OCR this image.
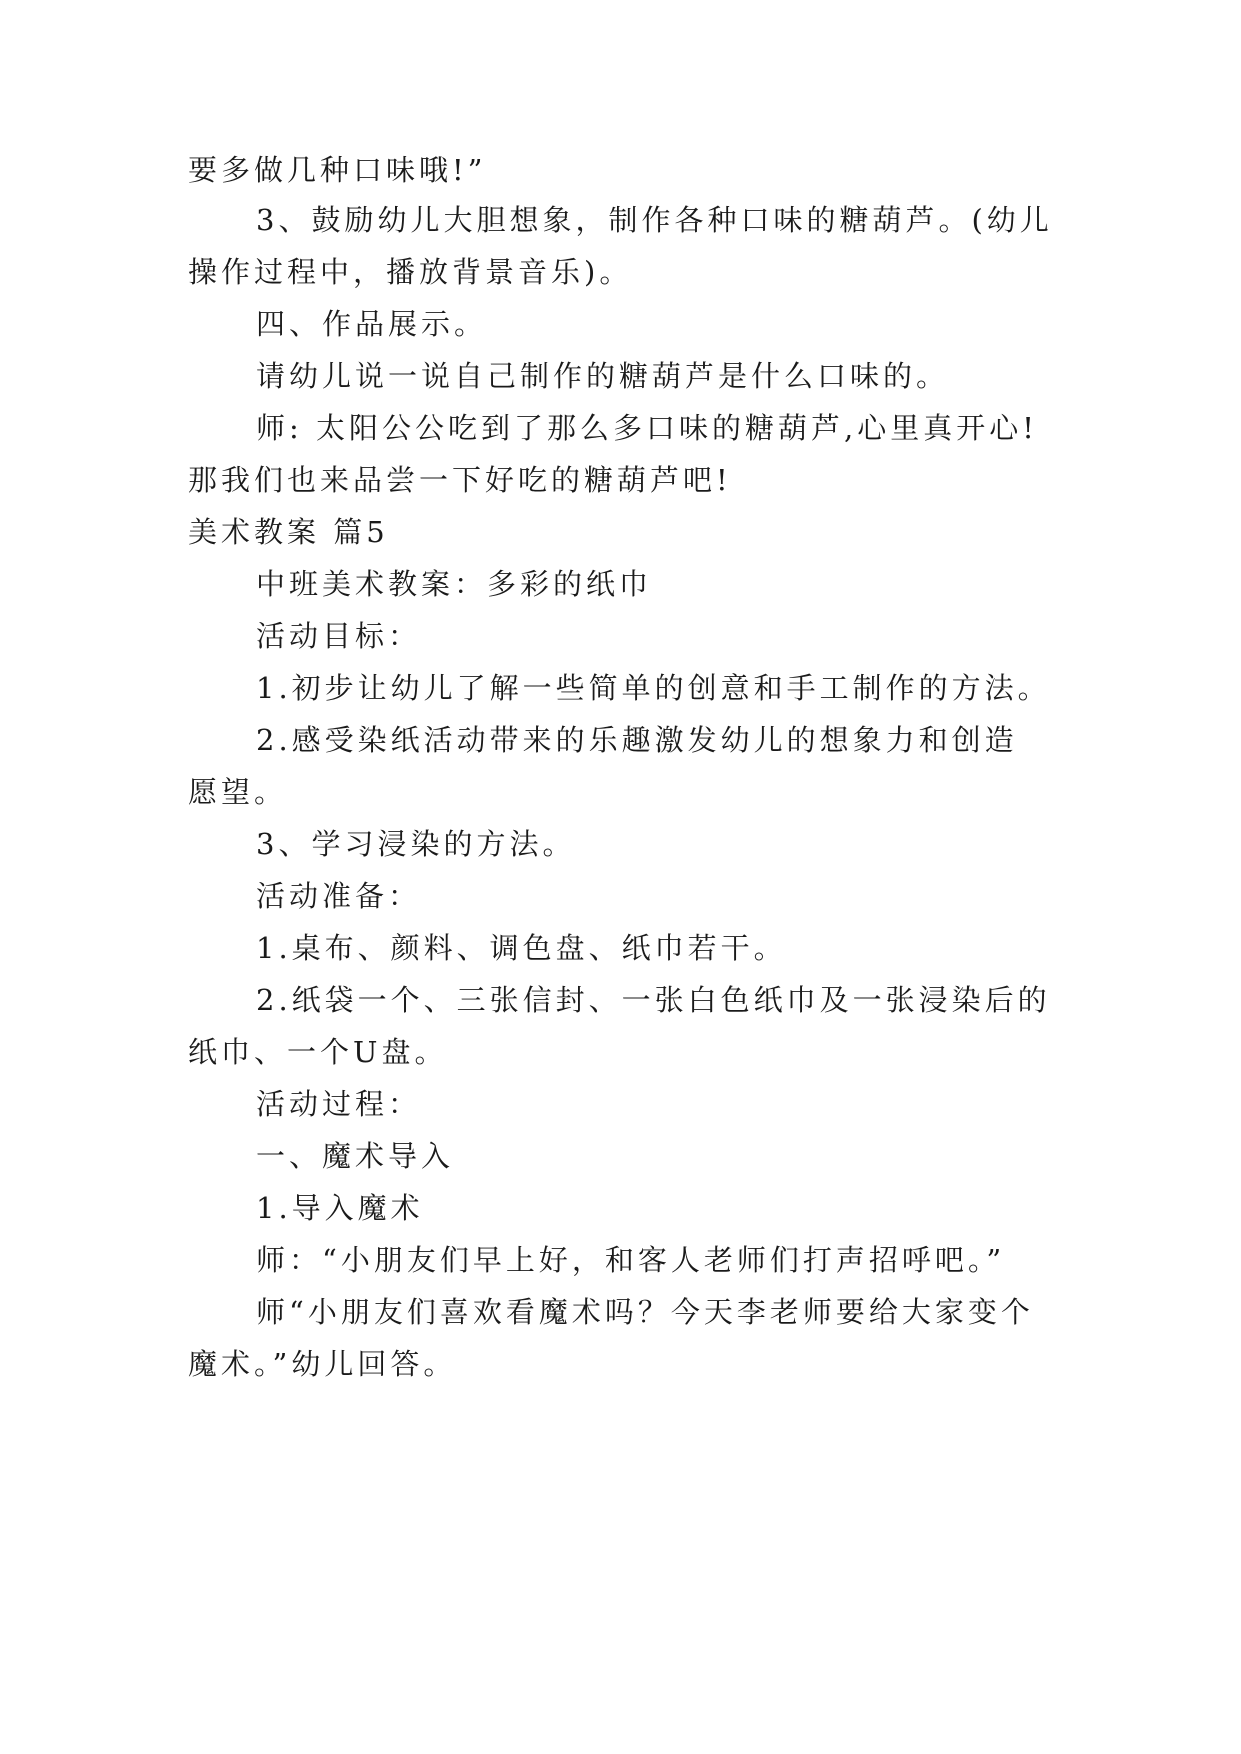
要多做几种口味哦!”
3、鼓励幼儿大胆想象，制作各种口味的糖葫芦。(幼儿
操作过程中，播放背景音乐)。
四、作品展示。
请幼儿说一说自己制作的糖葫芦是什么口味的。
师: 太阳公公吃到了那么多口味的糖葫芦,心里真开心!
那我们也来品尝一下好吃的糖葫芦吧!
美术教案 篇5
中班美术教案：多彩的纸巾
活动目标：
1.初步让幼儿了解一些简单的创意和手工制作的方法。
2.感受染纸活动带来的乐趣激发幼儿的想象力和创造
愿望。
3、学习浸染的方法。
活动准备：
1.桌布、颜料、调色盘、纸巾若干。
2.纸袋一个、三张信封、一张白色纸巾及一张浸染后的
纸巾、一个U盘。
活动过程：
一、魔术导入
1.导入魔术
师：“小朋友们早上好，和客人老师们打声招呼吧。”
师“小朋友们喜欢看魔术吗？今天李老师要给大家变个
魔术。”幼儿回答。
